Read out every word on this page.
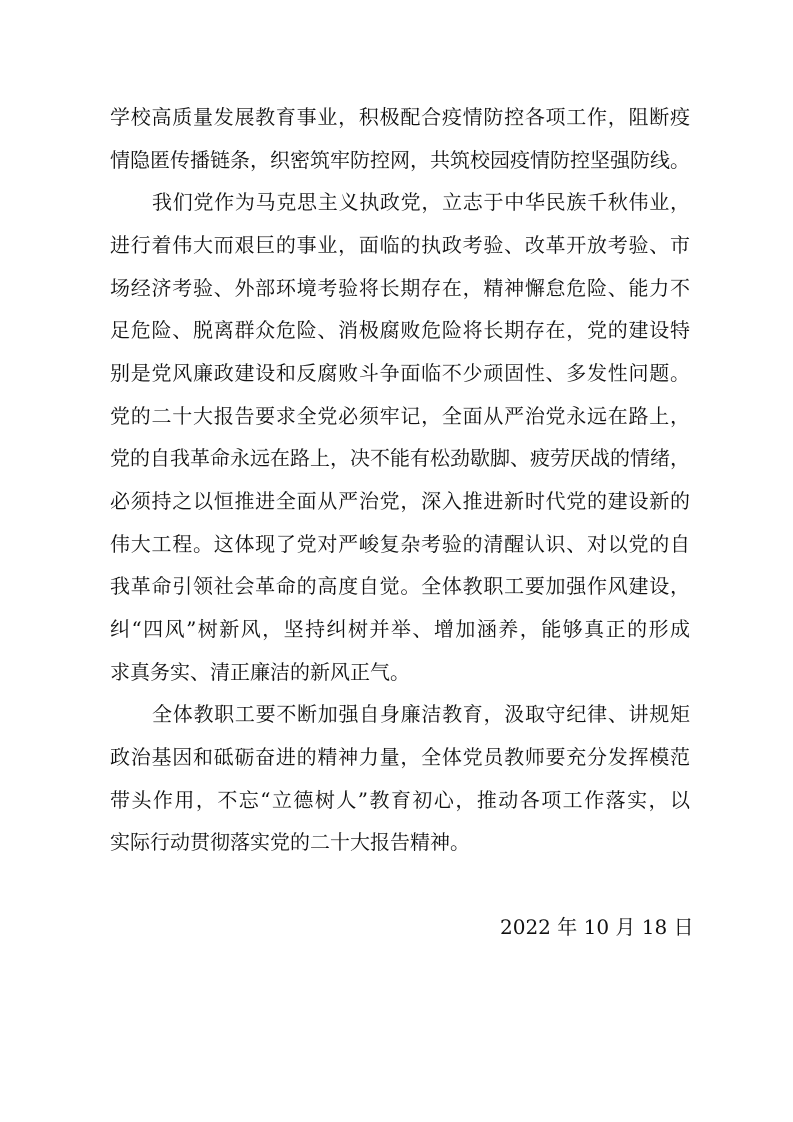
学校高质量发展教育事业，积极配合疫情防控各项工作，阻断疫
情隐匿传播链条，织密筑牢防控网，共筑校园疫情防控坚强防线。
我们党作为马克思主义执政党，立志于中华民族千秋伟业，
进行着伟大而艰巨的事业，面临的执政考验、改革开放考验、市
场经济考验、外部环境考验将长期存在，精神懈怠危险、能力不
足危险、脱离群众危险、消极腐败危险将长期存在，党的建设特
别是党风廉政建设和反腐败斗争面临不少顽固性、多发性问题。
党的二十大报告要求全党必须牢记，全面从严治党永远在路上，
党的自我革命永远在路上，决不能有松劲歇脚、疲劳厌战的情绪，
必须持之以恒推进全面从严治党，深入推进新时代党的建设新的
伟大工程。这体现了党对严峻复杂考验的清醒认识、对以党的自
我革命引领社会革命的高度自觉。全体教职工要加强作风建设，
纠“四风”树新风，坚持纠树并举、增加涵养，能够真正的形成
求真务实、清正廉洁的新风正气。
全体教职工要不断加强自身廉洁教育，汲取守纪律、讲规矩
政治基因和砥砺奋进的精神力量，全体党员教师要充分发挥模范
带头作用，不忘“立德树人”教育初心，推动各项工作落实，以
实际行动贯彻落实党的二十大报告精神。
2022 年 10 月 18 日
